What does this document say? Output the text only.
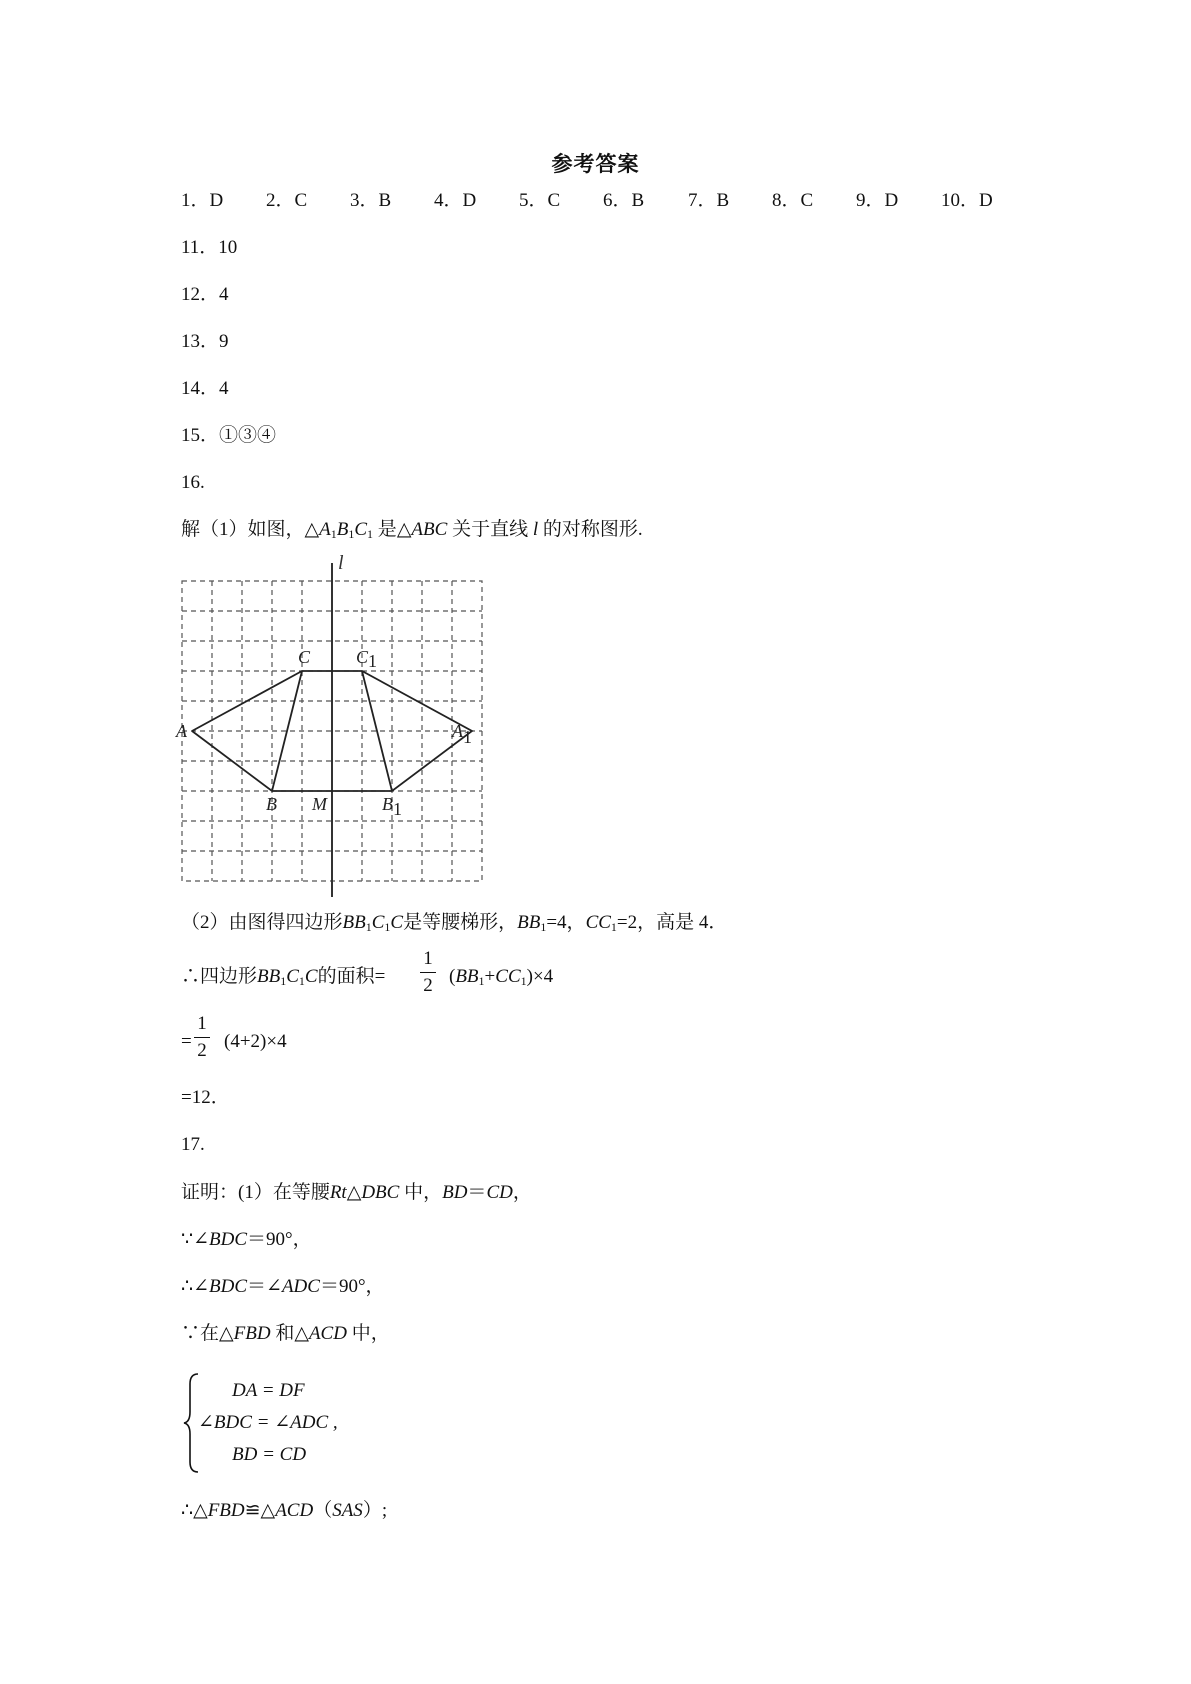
参考答案
1．D 2．C 3．B 4．D 5．C 6．B 7．B 8．C 9．D 10．D
11．10
12．4
13．9
14．4
15．①③④
16.
解（1）如图，$\triangle A_1B_1C_1$ 是△ABC 关于直线 l 的对称图形.
l
C	C1
A	A1
B M	B1
（2）由图得四边形$BB_1C_1C$是等腰梯形，$BB_1=4$，$CC_1=2$，高是 4．
∴四边形$BB_1C_1C$的面积=
1
2 $(BB_1+CC_1)\times 4$
=
1
2 (4+2)×4
=12．
17.
证明：(1）在等腰Rt△DBC 中，BD＝CD，
∵∠BDC＝90°，
∴∠BDC＝∠ADC＝90°，
∵在△FBD 和△ACD 中，
DA = DF
∠BDC = ∠ADC ,
BD = CD
∴△FBD≌△ACD（SAS）;
